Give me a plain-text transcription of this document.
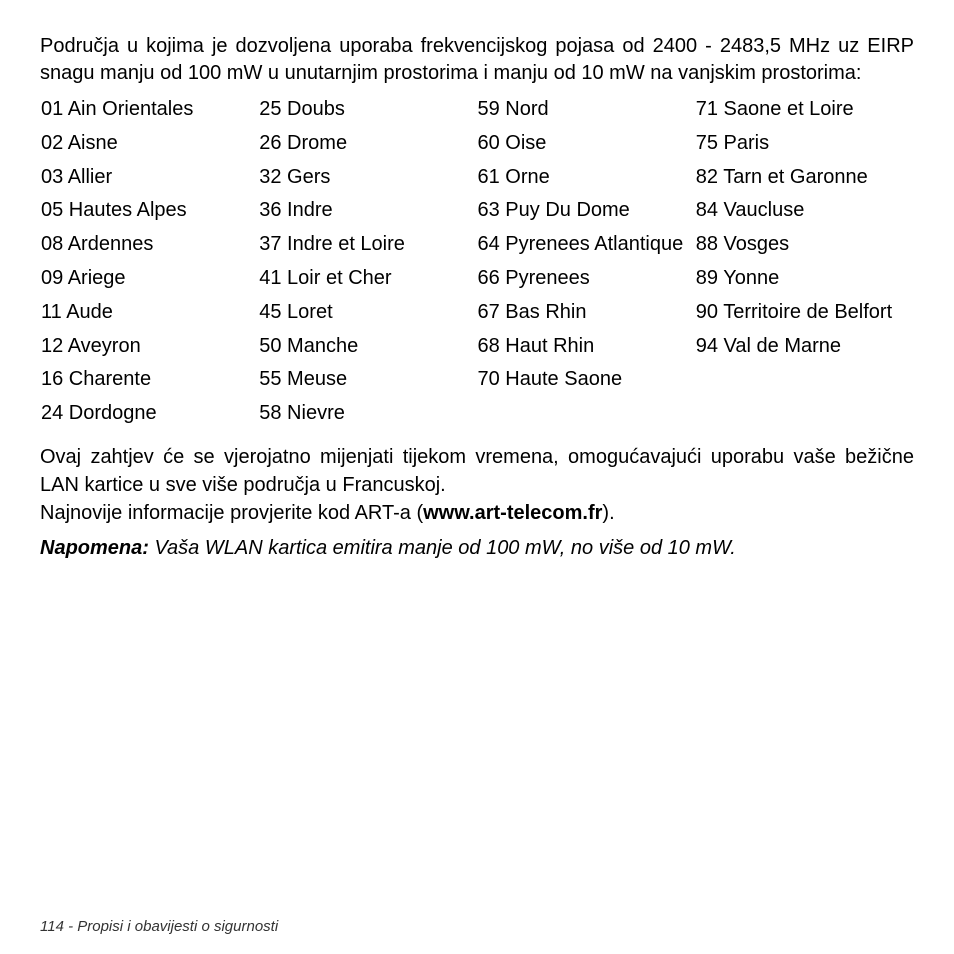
Područja u kojima je dozvoljena uporaba frekvencijskog pojasa od 2400 - 2483,5 MHz uz EIRP snagu manju od 100 mW u unutarnjim prostorima i manju od 10 mW na vanjskim prostorima:

01 Ain Orientales
02 Aisne
03 Allier
05 Hautes Alpes
08 Ardennes
09 Ariege
11 Aude
12 Aveyron
16 Charente
24 Dordogne
25 Doubs
26 Drome
32 Gers
36 Indre
37 Indre et Loire
41 Loir et Cher
45 Loret
50 Manche
55 Meuse
58 Nievre
59 Nord
60 Oise
61 Orne
63 Puy Du Dome
64 Pyrenees Atlantique
66 Pyrenees
67 Bas Rhin
68 Haut Rhin
70 Haute Saone
71 Saone et Loire
75 Paris
82 Tarn et Garonne
84 Vaucluse
88 Vosges
89 Yonne
90 Territoire de Belfort
94 Val de Marne

Ovaj zahtjev će se vjerojatno mijenjati tijekom vremena, omogućavajući uporabu vaše bežične LAN kartice u sve više područja u Francuskoj.

Najnovije informacije provjerite kod ART-a (www.art-telecom.fr).

Napomena: Vaša WLAN kartica emitira manje od 100 mW, no više od 10 mW.

114 - Propisi i obavijesti o sigurnosti
